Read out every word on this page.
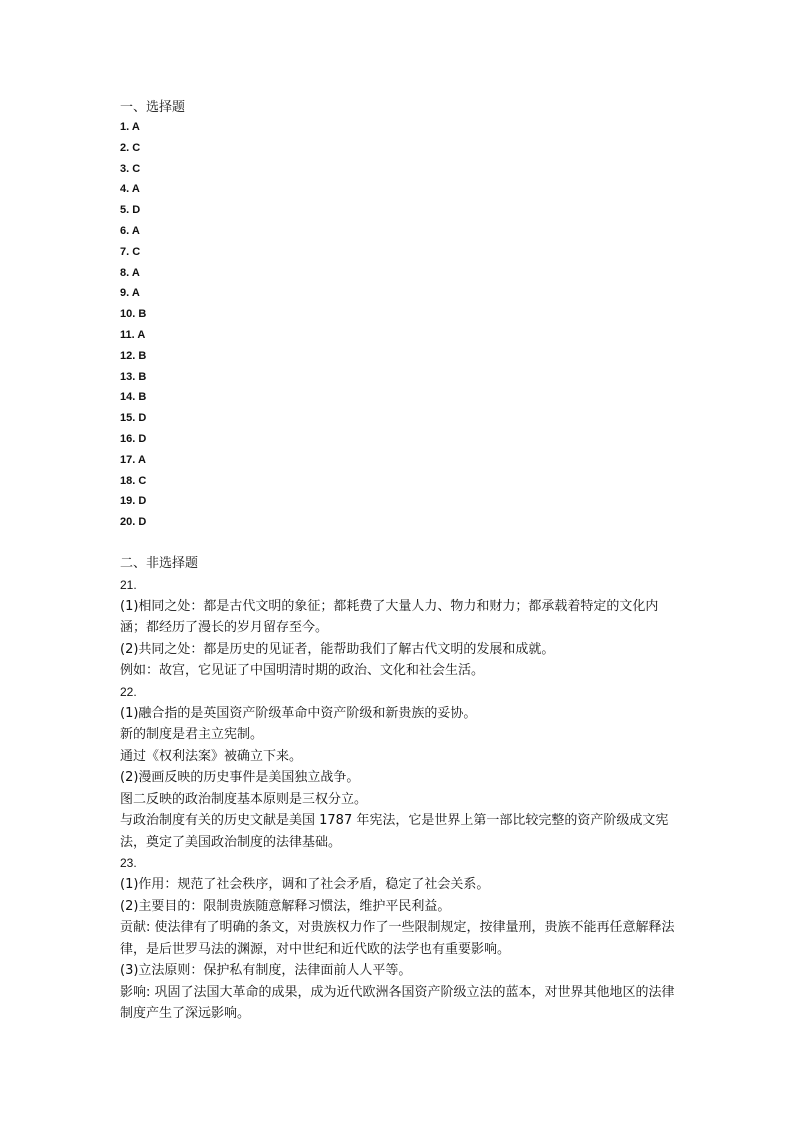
一、选择题
1 . A
2 . C
3 . C
4 . A
5 . D
6 . A
7 . C
8 . A
9 . A
10 . B
11 . A
12 . B
13 . B
14 . B
15 . D
16 . D
17 . A
18 . C
19 . D
20 . D
二、非选择题

21.

(1)相同之处：都是古代文明的象征；都耗费了大量人力、物力和财力；都承载着特定的文化内涵；都经历了漫长的岁月留存至今。

(2)共同之处：都是历史的见证者，能帮助我们了解古代文明的发展和成就。

例如：故宫，它见证了中国明清时期的政治、文化和社会生活。

22.

(1)融合指的是英国资产阶级革命中资产阶级和新贵族的妥协。

新的制度是君主立宪制。

通过《权利法案》被确立下来。

(2)漫画反映的历史事件是美国独立战争。

图二反映的政治制度基本原则是三权分立。

与政治制度有关的历史文献是美国 1787 年宪法，它是世界上第一部比较完整的资产阶级成文宪法，奠定了美国政治制度的法律基础。

23.

(1)作用：规范了社会秩序，调和了社会矛盾，稳定了社会关系。

(2)主要目的：限制贵族随意解释习惯法，维护平民利益。

贡献: 使法律有了明确的条文，对贵族权力作了一些限制规定，按律量刑，贵族不能再任意解释法律，是后世罗马法的渊源，对中世纪和近代欧的法学也有重要影响。

(3)立法原则：保护私有制度，法律面前人人平等。

影响: 巩固了法国大革命的成果，成为近代欧洲各国资产阶级立法的蓝本，对世界其他地区的法律制度产生了深远影响。
